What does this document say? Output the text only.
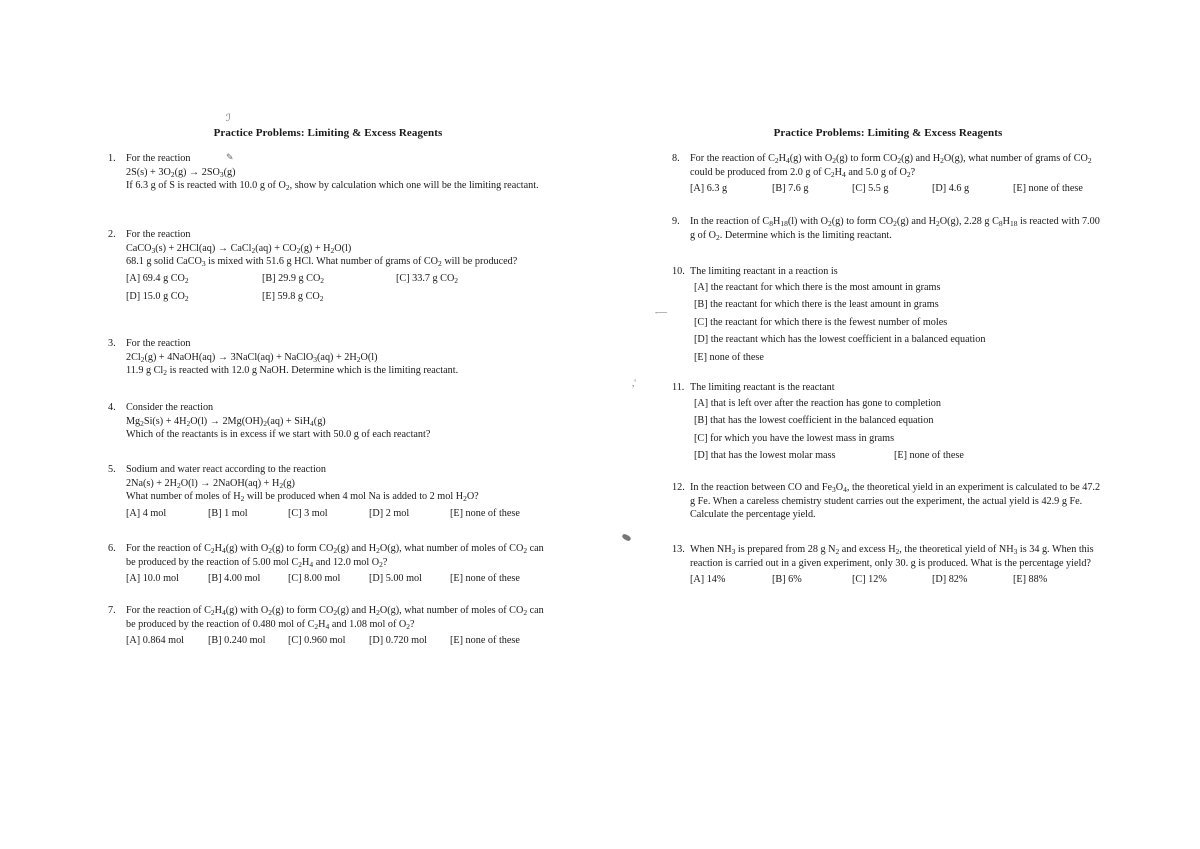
Practice Problems: Limiting & Excess Reagents
1.	For the reaction
$2S(s) + 3O_2(g) \to 2SO_3(g)$
If 6.3 g of S is reacted with 10.0 g of $O_2$, show by calculation which one will be the limiting reactant.
2.	For the reaction
CaCO$_3$(s) + 2HCl(aq) → CaCl$_2$(aq) + $CO_2(g) + H_2O(l)$
68.1 g solid CaCO$_3$ is mixed with 51.6 g HCl. What number of grams of $CO_2$ will be produced?
[A] 69.4 g $CO_2$	[B] 29.9 g $CO_2$	[C] 33.7 g $CO_2$
[D] 15.0 g $CO_2$	[E] 59.8 g $CO_2$
3.	For the reaction
$2Cl_2(g)$ + 4NaOH(aq) → 3NaCl(aq) + NaClO$_3$(aq) + $2H_2O(l)$
11.9 g $Cl_2$ is reacted with 12.0 g NaOH. Determine which is the limiting reactant.
4.	Consider the reaction
$Mg_2Si(s) + 4H_2O(l) \to 2Mg(OH)_2(aq) + SiH_4(g)$
Which of the reactants is in excess if we start with 50.0 g of each reactant?
5.	Sodium and water react according to the reaction
$2Na(s) + 2H_2O(l)$ → 2NaOH(aq) + $H_2(g)$
What number of moles of $H_2$ will be produced when 4 mol Na is added to 2 mol $H_2O$?
[A] 4 mol	[B] 1 mol	[C] 3 mol	[D] 2 mol	[E] none of these
6.	For the reaction of $C_2H_4(g)$ with $O_2(g)$ to form $CO_2(g)$ and $H_2O(g)$, what number of moles of $CO_2$ can be produced by the reaction of 5.00 mol $C_2H_4$ and 12.0 mol $O_2$?
[A] 10.0 mol	[B] 4.00 mol	[C] 8.00 mol	[D] 5.00 mol	[E] none of these
7.	For the reaction of $C_2H_4(g)$ with $O_2(g)$ to form $CO_2(g)$ and $H_2O(g)$, what number of moles of $CO_2$ can be produced by the reaction of 0.480 mol of $C_2H_4$ and 1.08 mol of $O_2$?
[A] 0.864 mol [B] 0.240 mol [C] 0.960 mol [D] 0.720 mol [E] none of these
Practice Problems: Limiting & Excess Reagents
8.	For the reaction of $C_2H_4(g)$ with $O_2(g)$ to form $CO_2(g)$ and $H_2O(g)$, what number of grams of $CO_2$ could be produced from 2.0 g of $C_2H_4$ and 5.0 g of $O_2$?
[A] 6.3 g	[B] 7.6 g	[C] 5.5 g	[D] 4.6 g	[E] none of these
9.	In the reaction of $C_8H_{18}(l)$ with $O_2(g)$ to form $CO_2(g)$ and $H_2O(g)$, 2.28 g $C_8H_{18}$ is reacted with 7.00 g of $O_2$. Determine which is the limiting reactant.
10. The limiting reactant in a reaction is
[A] the reactant for which there is the most amount in grams
[B] the reactant for which there is the least amount in grams
[C] the reactant for which there is the fewest number of moles
[D] the reactant which has the lowest coefficient in a balanced equation
[E] none of these
11. The limiting reactant is the reactant
[A] that is left over after the reaction has gone to completion
[B] that has the lowest coefficient in the balanced equation
[C] for which you have the lowest mass in grams
[D] that has the lowest molar mass	[E] none of these
12. In the reaction between CO and $Fe_3O_4$, the theoretical yield in an experiment is calculated to be 47.2 g Fe. When a careless chemistry student carries out the experiment, the actual yield is 42.9 g Fe. Calculate the percentage yield.
13. When $NH_3$ is prepared from 28 g $N_2$ and excess $H_2$, the theoretical yield of $NH_3$ is 34 g. When this reaction is carried out in a given experiment, only 30. g is produced. What is the percentage yield?
[A] 14%	[B] 6%	[C] 12%	[D] 82%	[E] 88%
ℐ
✎
‐—
,'
